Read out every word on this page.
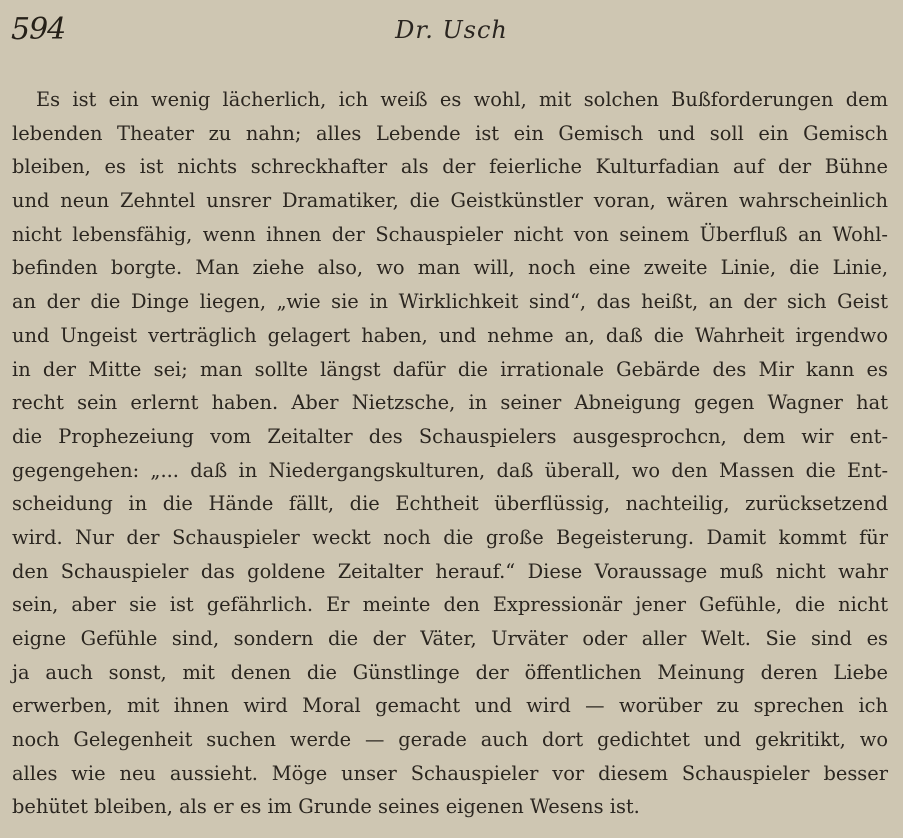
594	Dr. Usch
Es ist ein wenig lächerlich, ich weiß es wohl, mit solchen Bußforderungen dem
lebenden Theater zu nahn; alles Lebende ist ein Gemisch und soll ein Gemisch
bleiben, es ist nichts schreckhafter als der feierliche Kulturfadian auf der Bühne
und neun Zehntel unsrer Dramatiker, die Geistkünstler voran, wären wahrscheinlich
nicht lebensfähig, wenn ihnen der Schauspieler nicht von seinem Überfluß an Wohl-
befinden borgte. Man ziehe also, wo man will, noch eine zweite Linie, die Linie,
an der die Dinge liegen, „wie sie in Wirklichkeit sind“, das heißt, an der sich Geist
und Ungeist verträglich gelagert haben, und nehme an, daß die Wahrheit irgendwo
in der Mitte sei; man sollte längst dafür die irrationale Gebärde des Mir kann es
recht sein erlernt haben. Aber Nietzsche, in seiner Abneigung gegen Wagner hat
die Prophezeiung vom Zeitalter des Schauspielers ausgesprochcn, dem wir ent-
gegengehen: „... daß in Niedergangskulturen, daß überall, wo den Massen die Ent-
scheidung in die Hände fällt, die Echtheit überflüssig, nachteilig, zurücksetzend
wird. Nur der Schauspieler weckt noch die große Begeisterung. Damit kommt für
den Schauspieler das goldene Zeitalter herauf.“ Diese Voraussage muß nicht wahr
sein, aber sie ist gefährlich. Er meinte den Expressionär jener Gefühle, die nicht
eigne Gefühle sind, sondern die der Väter, Urväter oder aller Welt. Sie sind es
ja auch sonst, mit denen die Günstlinge der öffentlichen Meinung deren Liebe
erwerben, mit ihnen wird Moral gemacht und wird — worüber zu sprechen ich
noch Gelegenheit suchen werde — gerade auch dort gedichtet und gekritikt, wo
alles wie neu aussieht. Möge unser Schauspieler vor diesem Schauspieler besser
behütet bleiben, als er es im Grunde seines eigenen Wesens ist.
